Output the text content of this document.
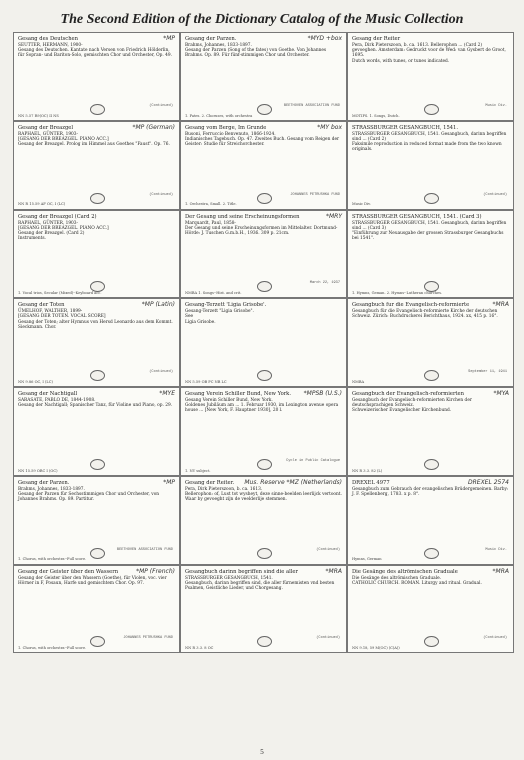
The Second Edition of the Dictionary Catalog of the Music Collection
Gesang des Deutschen	*MP
SEUTTER, HERMANN, 1900-
Gesang des Deutschen. Kantate nach Versen von Friedrich Hölderlin, für Sopran- und Bariton-Solo, gemischten Chor und Orchester, Op. 49.
(Continued)
NN 5.57 R9(OC) II NS
Gesang der Parzen.	*MYD +box
Brahms, Johannes, 1833-1897.
Gesang der Parzen (Song of the fates) von Goethe. Von Johannes Brahms. Op. 89. Für fünf-stimmigen Chor und Orchester.
BEETHOVEN ASSOCIATION FUND
1. Fates. 2. Choruses, with orchestra
Gesang der Reiter
Pera, Dirk Pieterszoon, b. ca. 1613. Bellerophon ... (Card 2)
gevoeghen. Amsterdam: Gedruckt voor de Wed: van Gysbert de Groot, 1695.
Dutch words, with tunes, or tunes indicated.
Music Div.
MOTIFS. 1. Songs, Dutch.
Gesang der Breazgel	*MP (German)
RAPHAEL, GÜNTER, 1903-
[GESANG DER BREAZGEL. PIANO ACC.]
Gesang der Breazgel. Prolog im Himmel aus Goethes "Faust". Op. 76.
(Continued)
NN R 15.59 AF OC, I (LC)
Gesang vom Berge, Im Grunde	*MY box
Busoni, Ferruccio Benvenuto, 1866-1924.
Indianisches Tagebuch. Op. 47. Zweites Buch. Gesang vom Reigen der Geister: Studie für Streichorchester.
JOHANNES PETRUSHKA FUND
1. Orchestra, Small. 2. Title.
STRASSBURGER GESANGBUCH, 1541.
STRASSBURGER GESANGBUCH, 1541. Gesangbuch, darinn begriffen sind ... (Card 2)
Faksimile reproduction in reduced format made from the two known originals.
(Continued)
Music Div.
Gesang der Breazgel (Card 2)
RAPHAEL, GÜNTER, 1903-
[GESANG DER BREAZGEL. PIANO ACC.]
Gesang der Breazgel. (Card 2)
Instruments.
1. Vocal trios, Secular (Mixed)--Keyboard acc.
Der Gesang und seine Erscheinungsformen	*MRY
Marquardt, Paul, 1858-
Der Gesang und seine Erscheinungsformen im Mittelalter. Dortmund-Hörde: J. Tuschen G.m.b.H., 1936. 309 p. 21cm.
March 22, 1937
NMBA 1. Songs--Hist. and crit.
STRASSBURGER GESANGBUCH, 1541. (Card 3)
STRASSBURGER GESANGBUCH, 1541. Gesangbuch, darinn begriffen sind ... (Card 3)
"Einführung zur Neuausgabe der grossen Strassburger Gesangbuchs bei 1541".
1. Hymns, Geman. 2. Hymns--Lutheran churches.
Gesang der Toten	*MP (Latin)
ÜMELHOF, WALTHER, 1899-
[GESANG DER TOTEN. VOCAL SCORE]
Gesang der Toten; alter Hymnus von Hersd Leonardo aus dem Kommt. Sieckmann. Chor.
(Continued)
NN 9.86 OC, I (LC)
Gesang-Terzett 'Ligia Grisobe'.
Gesang-Terzett "Ligia Grisobe".
See
Ligia Grisobe.
NN 5.59 OB PC NB LC
Gesangbuch fur die Evangelisch-reformierte	*MRA
Gesangbuch für die Evangelisch-reformierte Kirche der deutschen Schweiz. Zürich: Buchdruckerei Berichthaus, 1924. xx, 415 p. 16°.
September 11, 1941
NMBA
Gesang der Nachtigall	*MYE
SARASATE, PABLO DE, 1844-1908.
Gesang der Nachtigall; Spanischer Tanz, für Violine und Piano, op. 29.
NN 15.59 ORC I (OC)
Gesang Verein Schiller Bund, New York.	*MPSB (U.S.)
Gesang Verein Schiller Bund, New York.
Goldenes Jubiläum am ... 1. Februar 1930, im Lexington avenue opera house ... [New York, F. Hauptner 1930], 20 l.
Cycle in Public Catalogue
1. NY subject.
Gesangbuch der Evangelisch-reformierten	*MYA
Gesangbuch der Evangelisch-reformierten Kirchen der deutschsprachigen Schweiz.
Schweizerischer Evangelischer Kirchenbund.
NN R 3.3. 82 (L)
Gesang der Parzen.	*MP
Brahms, Johannes, 1833-1897.
Gesang der Parzen für Sechsstimmigen Chor und Orchester, von Johannes Brahms. Op. 89. Partitur.
BEETHOVEN ASSOCIATION FUND
1. Chorus, with orchestra--Full score.
Gesang der Reiter.	Mus. Reserve *MZ (Netherlands)
Pera, Dirk Pieterszoon, b. ca. 1613.
Bellerophon: of, Lust tot wysheyt, deze sinne-beelden leerlijck vertoont. Waar by gevoeght zijn de veelderlije stemmen.
(Continued)
DREXEL 4977	DREXEL 2574
Gesangbuch zum Gebrauch der evangelischen Brüdergemeinen. Barby: J. F. Spellenberg, 1783. x p. 8°.
Music Div.
Hymns, German
Gesang der Geister über den Wassern	*MP (French)
Gesang der Geister über den Wassern (Goethe), für Violen, voc. vier Hörner in F, Posaun, Harfe und gemischtem Chor. Op. 97.
JOHANNES PETRUSHKA FUND
1. Chorus, with orchestra--Full score.
Gesangbuch darinn begriffen sind die aller	*MRA
STRASSBURGER GESANGBUCH, 1541.
Gesangbuch, darinn begriffen sind, die aller fürnemisten vnd besten Psalmen, Geistliche Lieder, und Chorgesang.
(Continued)
NN R 3.3. 8 OC
Die Gesänge des altrömischen Graduale	*MRA
Die Gesänge des altrömischen Graduale.
CATHOLIC CHURCH. ROMAN. Liturgy and ritual. Gradual.
(Continued)
NN 9.18, 59 M(OC) (C(A))
5
